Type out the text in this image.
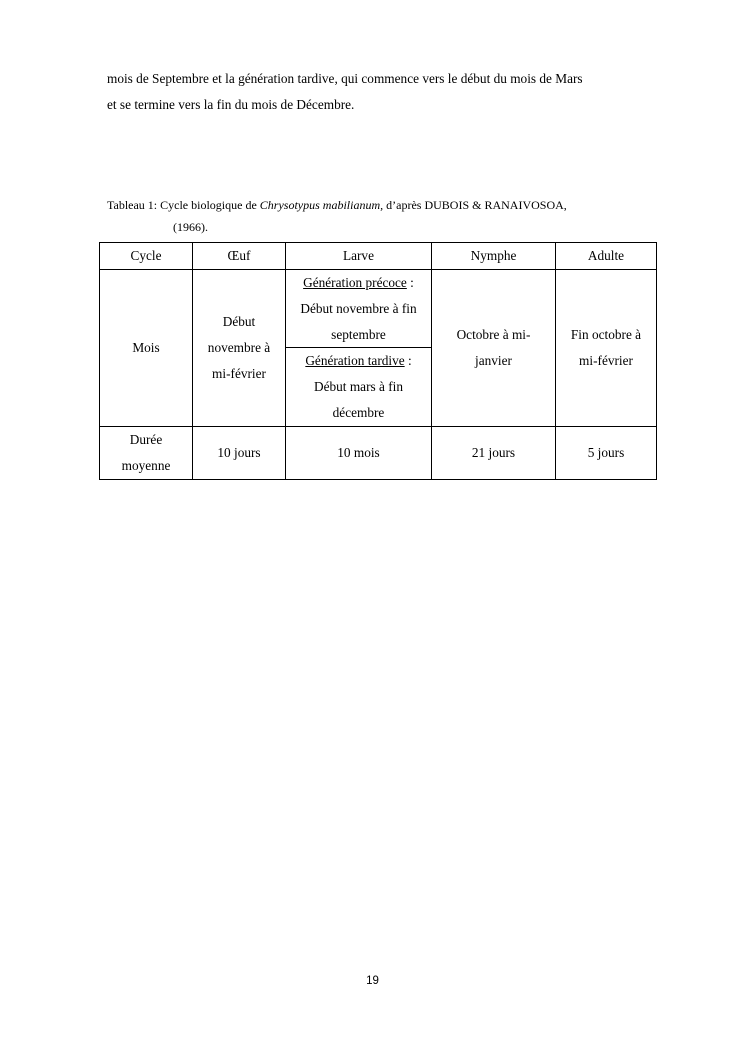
mois de Septembre et la génération tardive, qui commence vers le début du mois de Mars
et se termine vers la fin du mois de Décembre.
Tableau 1: Cycle biologique de Chrysotypus mabilianum, d’après DUBOIS & RANAIVOSOA,
(1966).
Cycle	Œuf	Larve	Nymphe	Adulte
Mois	Début novembre à mi-février	Génération précoce :
Début novembre à fin septembre
Génération tardive :
Début mars à fin décembre	Octobre à mi-janvier	Fin octobre à mi-février

Durée moyenne	10 jours	10 mois	21 jours	5 jours
19
